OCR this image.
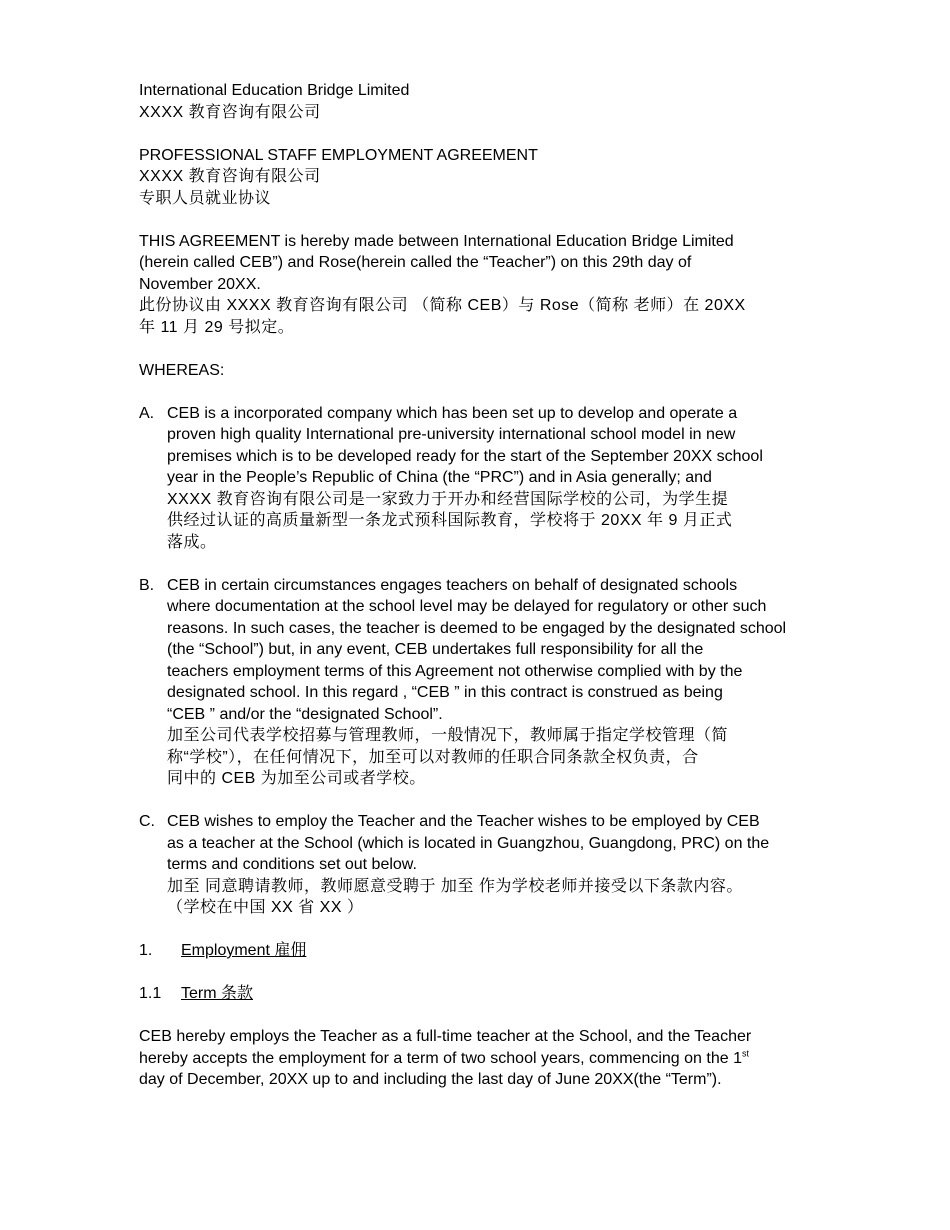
International Education Bridge Limited
XXXX 教育咨询有限公司
PROFESSIONAL STAFF EMPLOYMENT AGREEMENT
XXXX 教育咨询有限公司
专职人员就业协议
THIS AGREEMENT is hereby made between International Education Bridge Limited
(herein called CEB”) and Rose(herein called the “Teacher”) on this 29th day of
November 20XX.
此份协议由 XXXX 教育咨询有限公司 （简称 CEB）与 Rose（简称 老师）在 20XX
年 11 月 29 号拟定。
WHEREAS:
A. CEB is a incorporated company which has been set up to develop and operate a
proven high quality International pre-university international school model in new
premises which is to be developed ready for the start of the September 20XX school
year in the People’s Republic of China (the “PRC”) and in Asia generally; and
XXXX 教育咨询有限公司是一家致力于开办和经营国际学校的公司，为学生提
供经过认证的高质量新型一条龙式预科国际教育，学校将于 20XX 年 9 月正式
落成。
B. CEB in certain circumstances engages teachers on behalf of designated schools
where documentation at the school level may be delayed for regulatory or other such
reasons. In such cases, the teacher is deemed to be engaged by the designated school
(the “School”) but, in any event, CEB undertakes full responsibility for all the
teachers employment terms of this Agreement not otherwise complied with by the
designated school. In this regard , “CEB ” in this contract is construed as being
“CEB ” and/or the “designated School”.
加至公司代表学校招募与管理教师，一般情况下，教师属于指定学校管理（简
称“学校”），在任何情况下，加至可以对教师的任职合同条款全权负责，合
同中的 CEB 为加至公司或者学校。
C. CEB wishes to employ the Teacher and the Teacher wishes to be employed by CEB
as a teacher at the School (which is located in Guangzhou, Guangdong, PRC) on the
terms and conditions set out below.
加至 同意聘请教师，教师愿意受聘于 加至 作为学校老师并接受以下条款内容。
（学校在中国 XX 省 XX ）
1.	Employment 雇佣
1.1	Term 条款
CEB hereby employs the Teacher as a full-time teacher at the School, and the Teacher
hereby accepts the employment for a term of two school years, commencing on the 1st
day of December, 20XX up to and including the last day of June 20XX(the “Term”).
